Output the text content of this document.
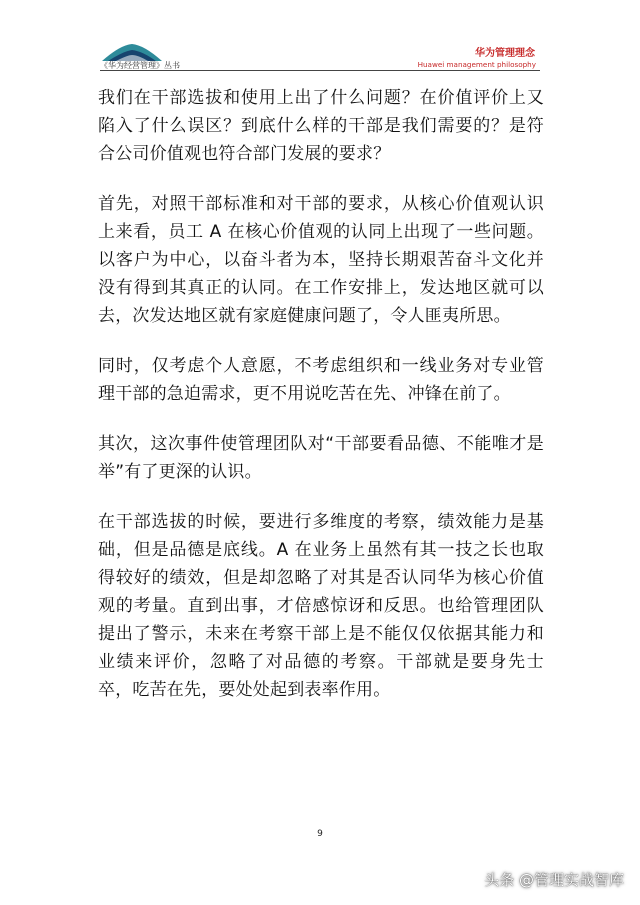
《华为经营管理》丛书
华为管理理念
Huawei management philosophy

我们在干部选拔和使用上出了什么问题？在价值评价上又陷入了什么误区？到底什么样的干部是我们需要的？是符合公司价值观也符合部门发展的要求？

首先，对照干部标准和对干部的要求，从核心价值观认识上来看，员工 A 在核心价值观的认同上出现了一些问题。以客户为中心，以奋斗者为本，坚持长期艰苦奋斗文化并没有得到其真正的认同。在工作安排上，发达地区就可以去，次发达地区就有家庭健康问题了，令人匪夷所思。

同时，仅考虑个人意愿，不考虑组织和一线业务对专业管理干部的急迫需求，更不用说吃苦在先、冲锋在前了。

其次，这次事件使管理团队对“干部要看品德、不能唯才是举”有了更深的认识。

在干部选拔的时候，要进行多维度的考察，绩效能力是基础，但是品德是底线。A 在业务上虽然有其一技之长也取得较好的绩效，但是却忽略了对其是否认同华为核心价值观的考量。直到出事，才倍感惊讶和反思。也给管理团队提出了警示，未来在考察干部上是不能仅仅依据其能力和业绩来评价，忽略了对品德的考察。干部就是要身先士卒，吃苦在先，要处处起到表率作用。

9
头条 @管理实战智库
